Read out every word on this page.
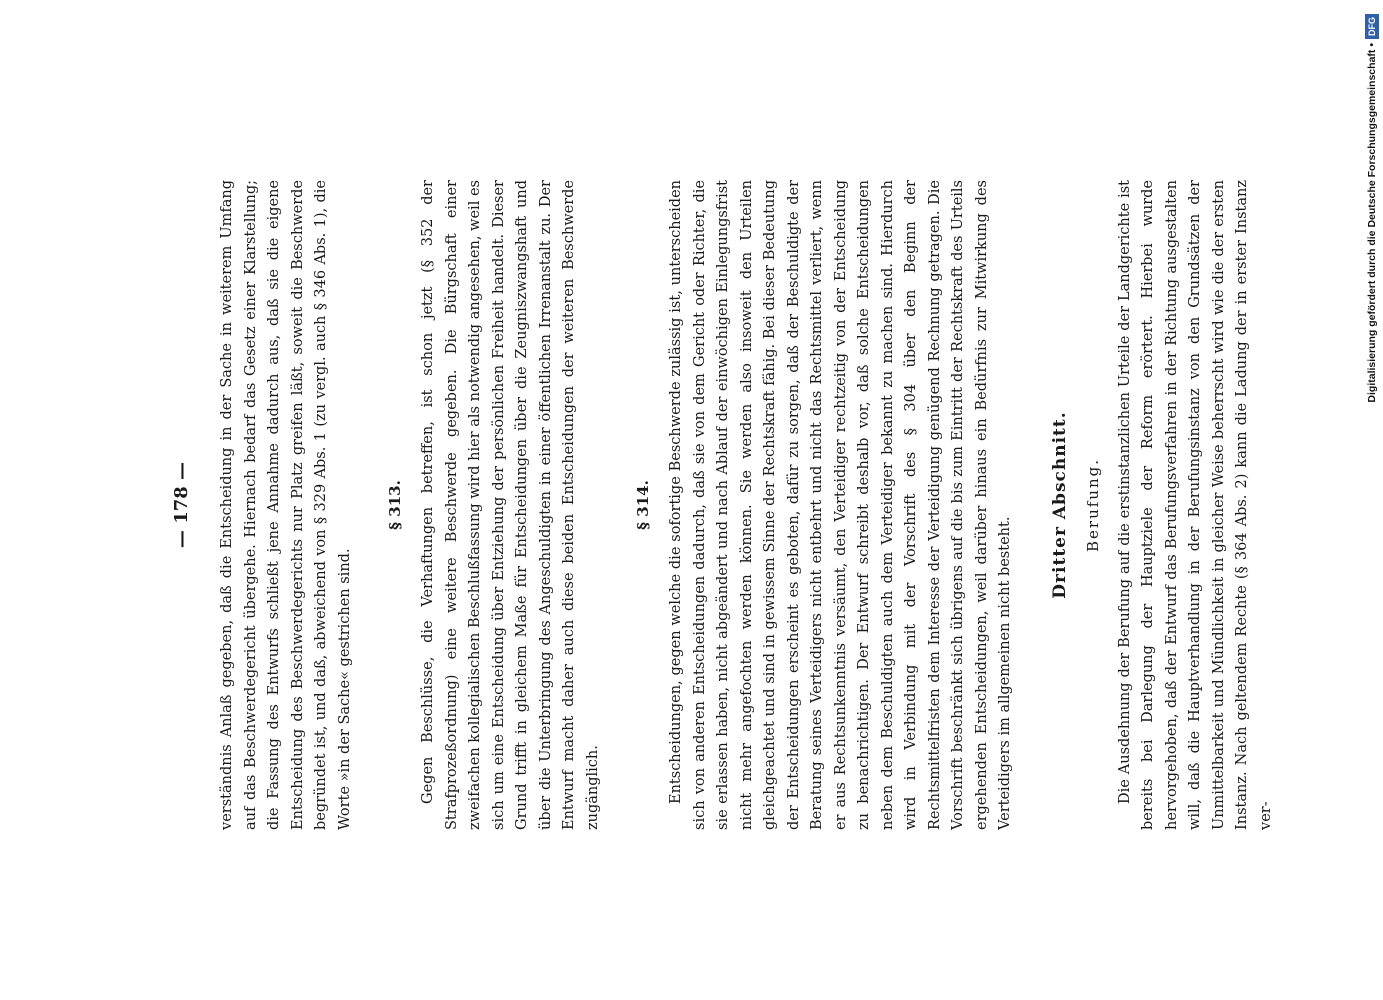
— 178 — verständnis Anlaß gegeben, daß die Entscheidung in der Sache in weiterem Umfang auf das Beschwerdegericht übergehe. Hiernach bedarf das Gesetz einer Klarstellung; die Fassung des Entwurfs schließt jene Annahme dadurch aus, daß sie die eigene Entscheidung des Beschwerdegerichts nur Platz greifen läßt, soweit die Beschwerde begründet ist, und daß, abweichend von § 329 Abs. 1 (zu vergl. auch § 346 Abs. 1), die Worte »in der Sache« gestrichen sind.

§ 313.	Gegen Beschlüsse, die Verhaftungen betreffen, ist schon jetzt (§ 352 der Strafprozeßordnung) eine weitere Beschwerde gegeben. Die Bürgschaft einer zweifachen kollegialischen Beschlußfassung wird hier als notwendig angesehen, weil es sich um eine Entscheidung über Entziehung der persönlichen Freiheit handelt. Dieser Grund trifft in gleichem Maße für Entscheidungen über die Zeugniszwangshaft und über die Unterbringung des Angeschuldigten in einer öffentlichen Irrenanstalt zu. Der Entwurf macht daher auch diese beiden Entscheidungen der weiteren Beschwerde zugänglich.

§ 314.	Entscheidungen, gegen welche die sofortige Beschwerde zulässig ist, unterscheiden sich von anderen Entscheidungen dadurch, daß sie von dem Gericht oder Richter, die sie erlassen haben, nicht abgeändert und nach Ablauf der einwöchigen Einlegungsfrist nicht mehr angefochten werden können. Sie werden also insoweit den Urteilen gleichgeachtet und sind in gewissem Sinne der Rechtskraft fähig. Bei dieser Bedeutung der Entscheidungen erscheint es geboten, dafür zu sorgen, daß der Beschuldigte der Beratung seines Verteidigers nicht entbehrt und nicht das Rechtsmittel verliert, wenn er aus Rechtsunkenntnis versäumt, den Verteidiger rechtzeitig von der Entscheidung zu benachrichtigen. Der Entwurf schreibt deshalb vor, daß solche Entscheidungen neben dem Beschuldigten auch dem Verteidiger bekannt zu machen sind. Hierdurch wird in Verbindung mit der Vorschrift des § 304 über den Beginn der Rechtsmittelfristen dem Interesse der Verteidigung genügend Rechnung getragen. Die Vorschrift beschränkt sich übrigens auf die bis zum Eintritt der Rechtskraft des Urteils ergehenden Entscheidungen, weil darüber hinaus ein Bedürfnis zur Mitwirkung des Verteidigers im allgemeinen nicht besteht.

Dritter Abschnitt. Berufung. Die Ausdehnung der Berufung auf die erstinstanzlichen Urteile der Landgerichte ist bereits bei Darlegung der Hauptziele der Reform erörtert. Hierbei wurde hervorgehoben, daß der Entwurf das Berufungsverfahren in der Richtung ausgestalten will, daß die Hauptverhandlung in der Berufungsinstanz von den Grundsätzen der Unmittelbarkeit und Mündlichkeit in gleicher Weise beherrscht wird wie die der ersten Instanz. Nach geltendem Rechte (§ 364 Abs. 2) kann die Ladung der in erster Instanz ver-

Digitalisierung gefördert durch die Deutsche Forschungsgemeinschaft •
DFG
